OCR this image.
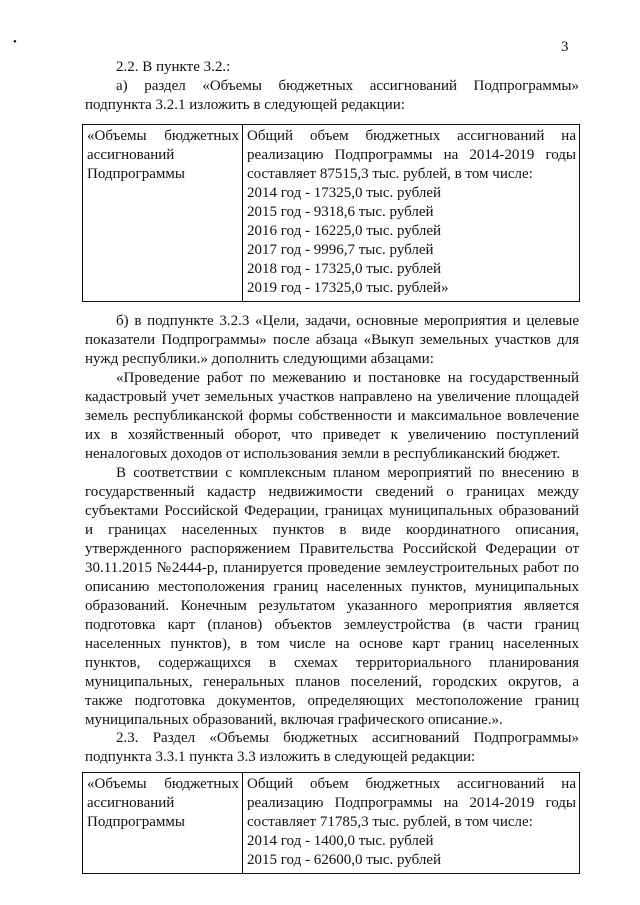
•	3

2.2. В пункте 3.2.:

а) раздел «Объемы бюджетных ассигнований Подпрограммы» подпункта 3.2.1 изложить в следующей редакции:

«Объемы бюджетных ассигнований Подпрограммы	Общий объем бюджетных ассигнований на реализацию Подпрограммы на 2014-2019 годы составляет 87515,3 тыс. рублей, в том числе:
2014 год - 17325,0 тыс. рублей
2015 год - 9318,6 тыс. рублей
2016 год - 16225,0 тыс. рублей
2017 год - 9996,7 тыс. рублей
2018 год - 17325,0 тыс. рублей
2019 год - 17325,0 тыс. рублей»

б) в подпункте 3.2.3 «Цели, задачи, основные мероприятия и целевые показатели Подпрограммы» после абзаца «Выкуп земельных участков для нужд республики.» дополнить следующими абзацами:

«Проведение работ по межеванию и постановке на государственный кадастровый учет земельных участков направлено на увеличение площадей земель республиканской формы собственности и максимальное вовлечение их в хозяйственный оборот, что приведет к увеличению поступлений неналоговых доходов от использования земли в республиканский бюджет.

В соответствии с комплексным планом мероприятий по внесению в государственный кадастр недвижимости сведений о границах между субъектами Российской Федерации, границах муниципальных образований и границах населенных пунктов в виде координатного описания, утвержденного распоряжением Правительства Российской Федерации от 30.11.2015 №2444-р, планируется проведение землеустроительных работ по описанию местоположения границ населенных пунктов, муниципальных образований. Конечным результатом указанного мероприятия является подготовка карт (планов) объектов землеустройства (в части границ населенных пунктов), в том числе на основе карт границ населенных пунктов, содержащихся в схемах территориального планирования муниципальных, генеральных планов поселений, городских округов, а также подготовка документов, определяющих местоположение границ муниципальных образований, включая графического описание.».

2.3. Раздел «Объемы бюджетных ассигнований Подпрограммы» подпункта 3.3.1 пункта 3.3 изложить в следующей редакции:

«Объемы бюджетных ассигнований Подпрограммы	Общий объем бюджетных ассигнований на реализацию Подпрограммы на 2014-2019 годы составляет 71785,3 тыс. рублей, в том числе:
2014 год - 1400,0 тыс. рублей
2015 год - 62600,0 тыс. рублей
